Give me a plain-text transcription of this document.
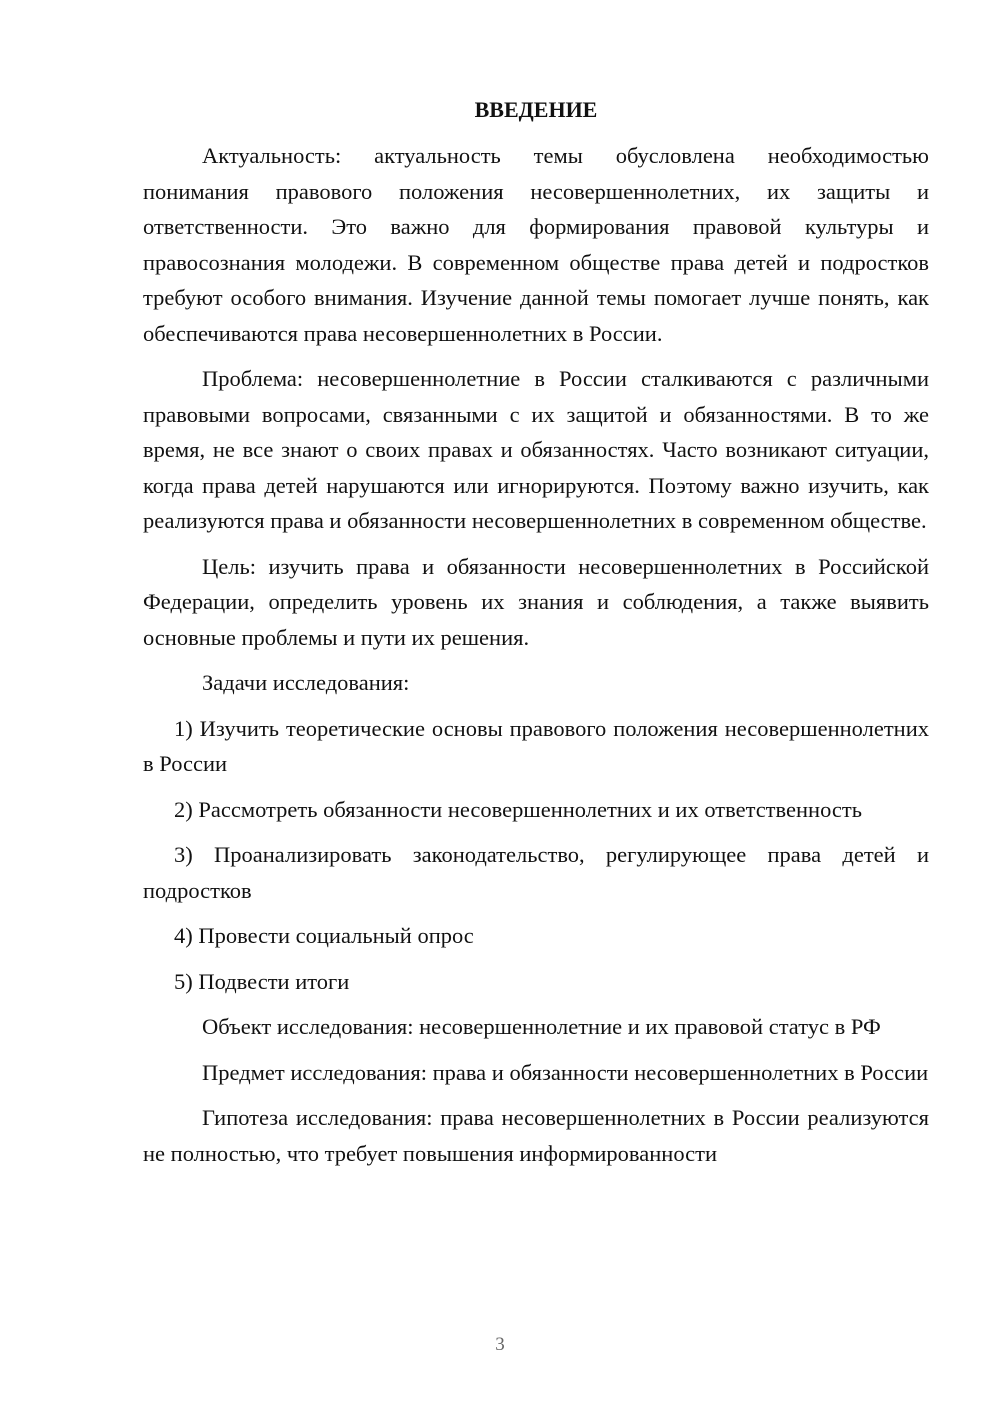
ВВЕДЕНИЕ

Актуальность: актуальность темы обусловлена необходимостью понимания правового положения несовершеннолетних, их защиты и ответственности. Это важно для формирования правовой культуры и правосознания молодежи. В современном обществе права детей и подростков требуют особого внимания. Изучение данной темы помогает лучше понять, как обеспечиваются права несовершеннолетних в России.

Проблема: несовершеннолетние в России сталкиваются с различными правовыми вопросами, связанными с их защитой и обязанностями. В то же время, не все знают о своих правах и обязанностях. Часто возникают ситуации, когда права детей нарушаются или игнорируются. Поэтому важно изучить, как реализуются права и обязанности несовершеннолетних в современном обществе.

Цель: изучить права и обязанности несовершеннолетних в Российской Федерации, определить уровень их знания и соблюдения, а также выявить основные проблемы и пути их решения.

Задачи исследования:

1) Изучить теоретические основы правового положения несовершеннолетних в России

2) Рассмотреть обязанности несовершеннолетних и их ответственность

3) Проанализировать законодательство, регулирующее права детей и подростков

4) Провести социальный опрос

5) Подвести итоги

Объект исследования: несовершеннолетние и их правовой статус в РФ

Предмет исследования: права и обязанности несовершеннолетних в России

Гипотеза исследования: права несовершеннолетних в России реализуются не полностью, что требует повышения информированности

3
